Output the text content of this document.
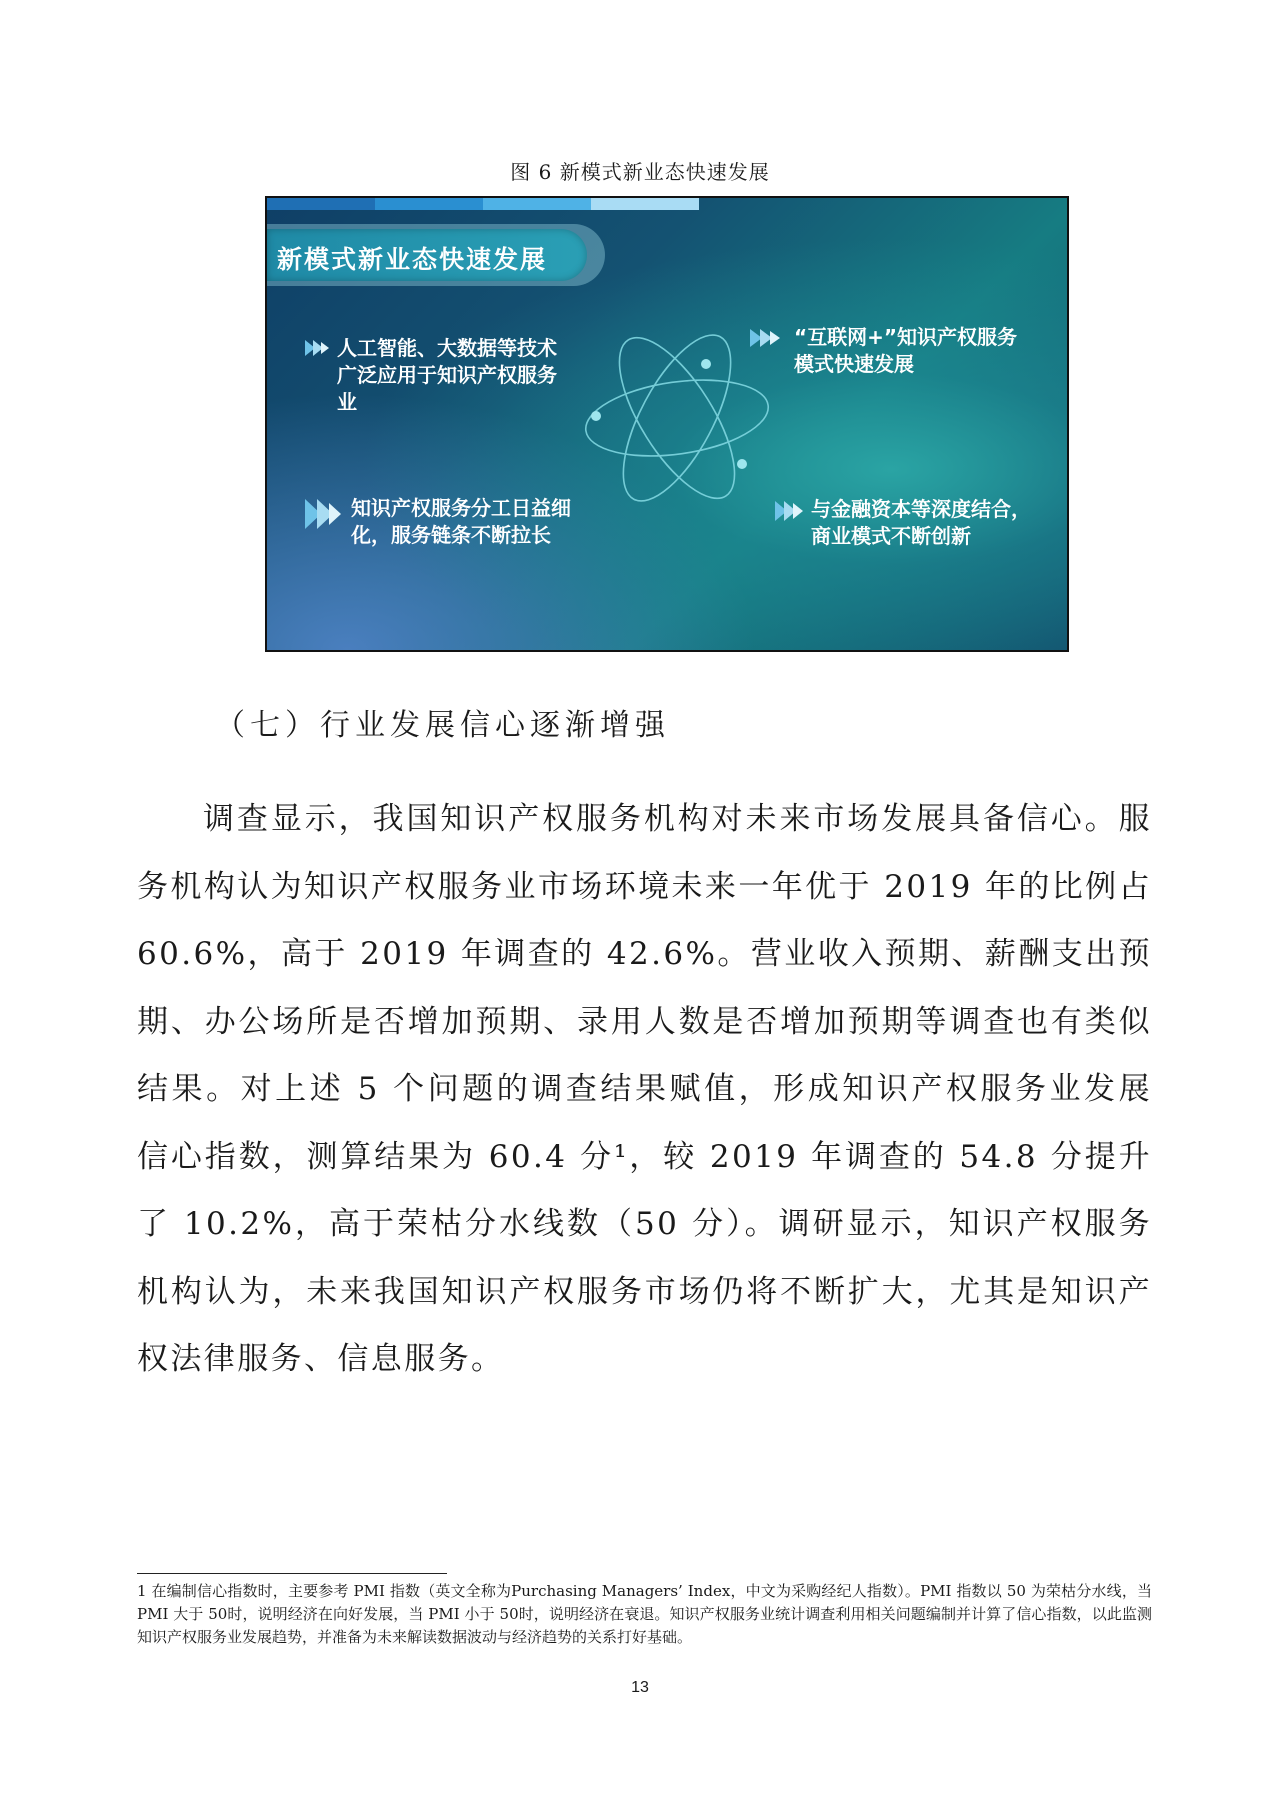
图 6 新模式新业态快速发展
新模式新业态快速发展
人工智能、大数据等技术广泛应用于知识产权服务业
“互联网+”知识产权服务模式快速发展
知识产权服务分工日益细化，服务链条不断拉长
与金融资本等深度结合，商业模式不断创新
（七）行业发展信心逐渐增强

调查显示，我国知识产权服务机构对未来市场发展具备信心。服务机构认为知识产权服务业市场环境未来一年优于 2019 年的比例占 60.6%，高于 2019 年调查的 42.6%。营业收入预期、薪酬支出预期、办公场所是否增加预期、录用人数是否增加预期等调查也有类似结果。对上述 5 个问题的调查结果赋值，形成知识产权服务业发展信心指数，测算结果为 60.4 分¹，较 2019 年调查的 54.8 分提升了 10.2%，高于荣枯分水线数（50 分）。调研显示，知识产权服务机构认为，未来我国知识产权服务市场仍将不断扩大，尤其是知识产权法律服务、信息服务。

1 在编制信心指数时，主要参考 PMI 指数（英文全称为Purchasing Managers’ Index，中文为采购经纪人指数）。PMI 指数以 50 为荣枯分水线，当 PMI 大于 50时，说明经济在向好发展，当 PMI 小于 50时，说明经济在衰退。知识产权服务业统计调查利用相关问题编制并计算了信心指数，以此监测知识产权服务业发展趋势，并准备为未来解读数据波动与经济趋势的关系打好基础。

13
